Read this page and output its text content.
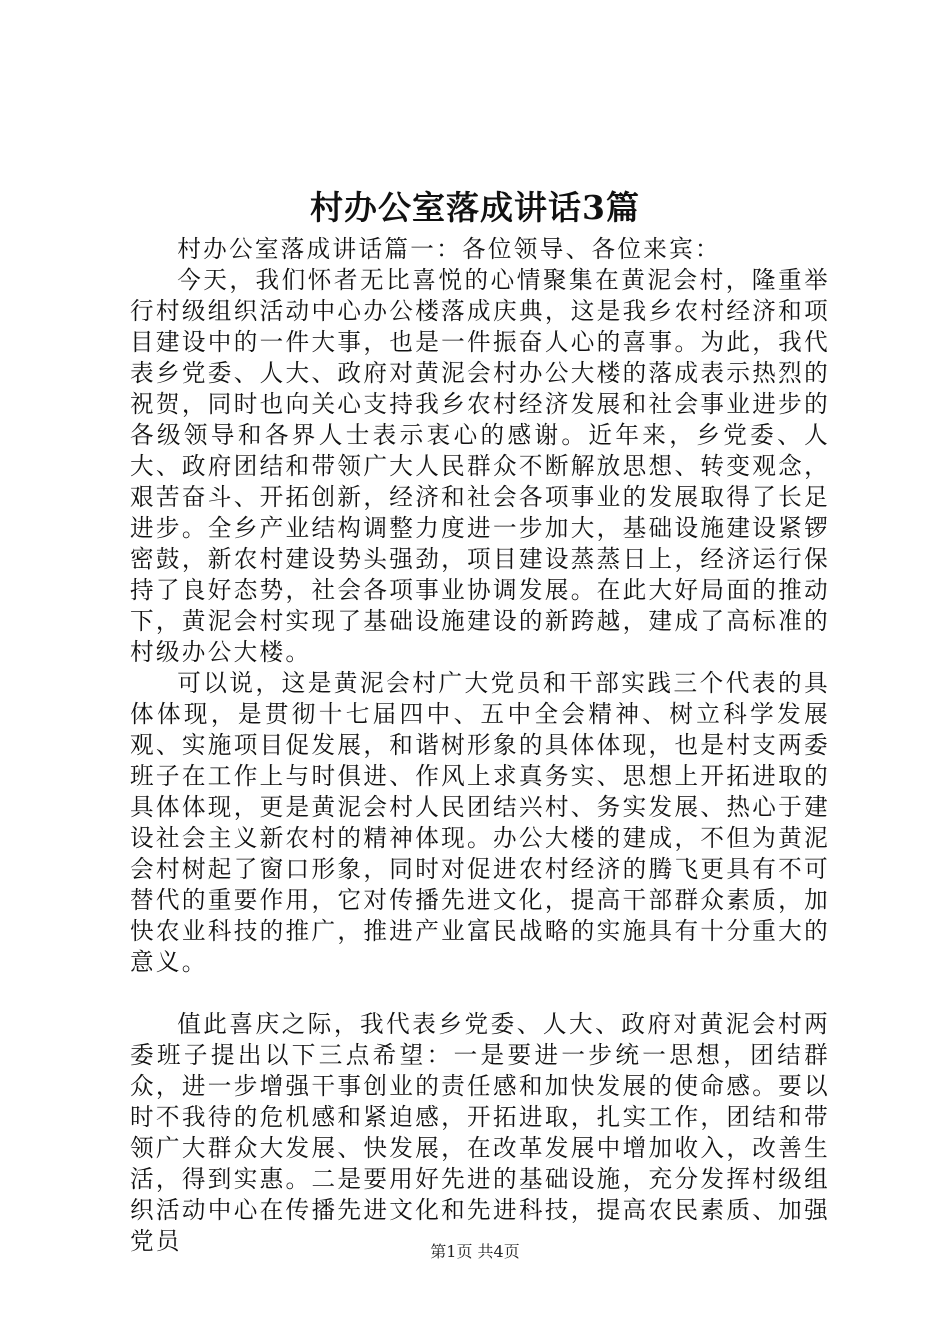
村办公室落成讲话3篇

村办公室落成讲话篇一：各位领导、各位来宾：

今天，我们怀者无比喜悦的心情聚集在黄泥会村，隆重举行村级组织活动中心办公楼落成庆典，这是我乡农村经济和项目建设中的一件大事，也是一件振奋人心的喜事。为此，我代表乡党委、人大、政府对黄泥会村办公大楼的落成表示热烈的祝贺，同时也向关心支持我乡农村经济发展和社会事业进步的各级领导和各界人士表示衷心的感谢。近年来，乡党委、人大、政府团结和带领广大人民群众不断解放思想、转变观念，艰苦奋斗、开拓创新，经济和社会各项事业的发展取得了长足进步。全乡产业结构调整力度进一步加大，基础设施建设紧锣密鼓，新农村建设势头强劲，项目建设蒸蒸日上，经济运行保持了良好态势，社会各项事业协调发展。在此大好局面的推动下，黄泥会村实现了基础设施建设的新跨越，建成了高标准的村级办公大楼。

可以说，这是黄泥会村广大党员和干部实践三个代表的具体体现，是贯彻十七届四中、五中全会精神、树立科学发展观、实施项目促发展，和谐树形象的具体体现，也是村支两委班子在工作上与时俱进、作风上求真务实、思想上开拓进取的具体体现，更是黄泥会村人民团结兴村、务实发展、热心于建设社会主义新农村的精神体现。办公大楼的建成，不但为黄泥会村树起了窗口形象，同时对促进农村经济的腾飞更具有不可替代的重要作用，它对传播先进文化，提高干部群众素质，加快农业科技的推广，推进产业富民战略的实施具有十分重大的意义。

值此喜庆之际，我代表乡党委、人大、政府对黄泥会村两委班子提出以下三点希望：一是要进一步统一思想，团结群众，进一步增强干事创业的责任感和加快发展的使命感。要以时不我待的危机感和紧迫感，开拓进取，扎实工作，团结和带领广大群众大发展、快发展，在改革发展中增加收入，改善生活，得到实惠。二是要用好先进的基础设施，充分发挥村级组织活动中心在传播先进文化和先进科技，提高农民素质、加强党员	第1页 共4页
